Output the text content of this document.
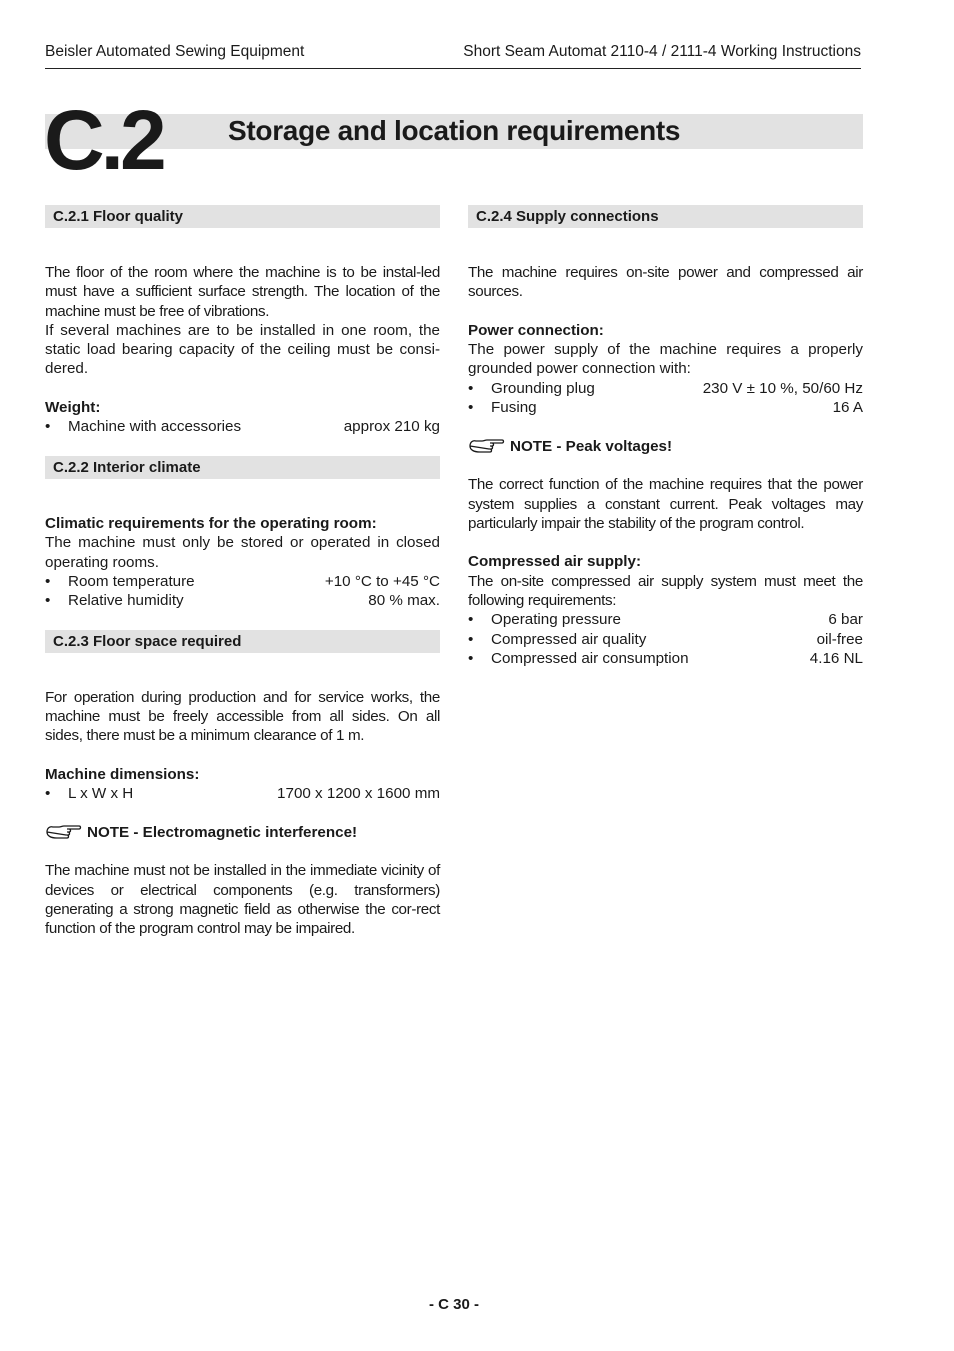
Beisler Automated Sewing Equipment	Short Seam Automat 2110-4 / 2111-4 Working Instructions
C.2 Storage and location requirements
C.2.1 Floor quality

The floor of the room where the machine is to be instal-led must have a sufficient surface strength. The location of the machine must be free of vibrations.

If several machines are to be installed in one room, the static load bearing capacity of the ceiling must be consi-dered.

Weight:

•	Machine with accessories	approx 210 kg
C.2.2 Interior climate

Climatic requirements for the operating room:

The machine must only be stored or operated in closed operating rooms.

•	Room temperature	+10 °C to +45 °C
•	Relative humidity	80 % max.
C.2.3 Floor space required

For operation during production and for service works, the machine must be freely accessible from all sides. On all sides, there must be a minimum clearance of 1 m.

Machine dimensions:

•	L x W x H	1700 x 1200 x 1600 mm
NOTE - Electromagnetic interference!

The machine must not be installed in the immediate vicinity of devices or electrical components (e.g. transformers) generating a strong magnetic field as otherwise the cor-rect function of the program control may be impaired.

C.2.4 Supply connections

The machine requires on-site power and compressed air sources.

Power connection:

The power supply of the machine requires a properly grounded power connection with:

•	Grounding plug	230 V ± 10 %, 50/60 Hz
•	Fusing	16 A
NOTE - Peak voltages!

The correct function of the machine requires that the power system supplies a constant current. Peak voltages may particularly impair the stability of the program control.

Compressed air supply:

The on-site compressed air supply system must meet the following requirements:

•	Operating pressure	6 bar
•	Compressed air quality	oil-free
•	Compressed air consumption	4.16 NL
- C 30 -
